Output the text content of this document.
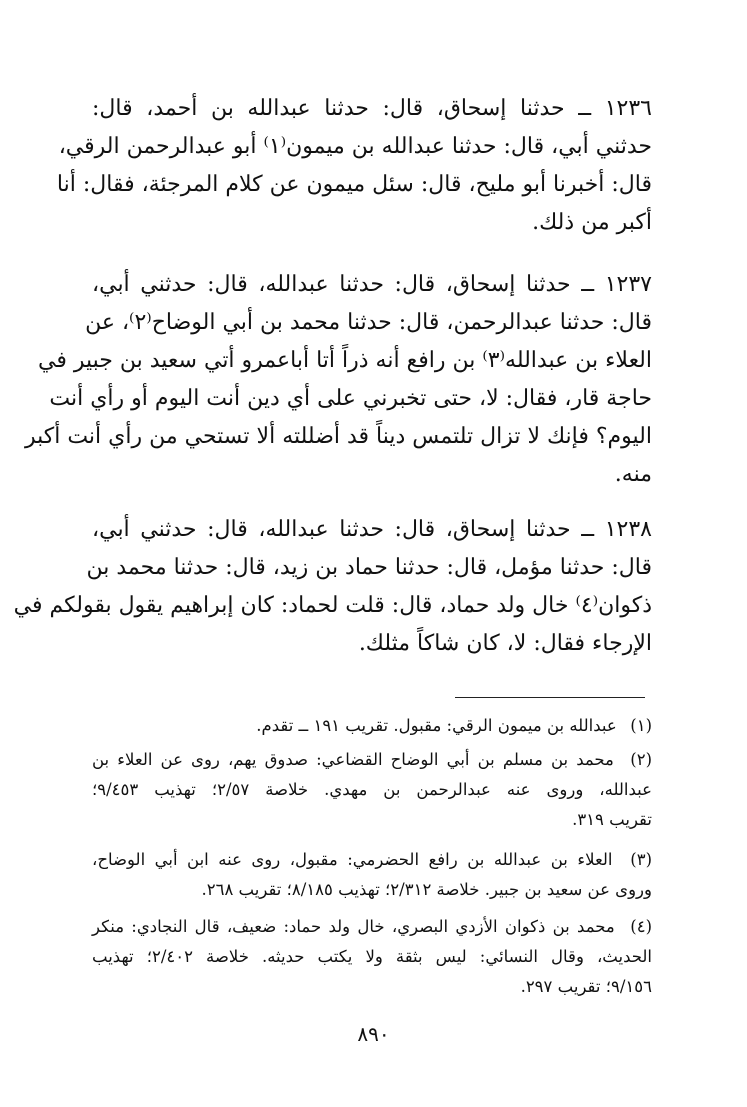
١٢٣٦ ــ حدثنا إسحاق، قال: حدثنا عبدالله بن أحمد، قال:
حدثني أبي، قال: حدثنا عبدالله بن ميمون⁽١⁾ أبو عبدالرحمن الرقي،
قال: أخبرنا أبو مليح، قال: سئل ميمون عن كلام المرجئة، فقال: أنا
أكبر من ذلك.
١٢٣٧ ــ حدثنا إسحاق، قال: حدثنا عبدالله، قال: حدثني أبي،
قال: حدثنا عبدالرحمن، قال: حدثنا محمد بن أبي الوضاح⁽٢⁾، عن
العلاء بن عبدالله⁽٣⁾ بن رافع أنه ذراً أتا أباعمرو أتي سعيد بن جبير في
حاجة قار، فقال: لا، حتى تخبرني على أي دين أنت اليوم أو رأي أنت
اليوم؟ فإنك لا تزال تلتمس ديناً قد أضللته ألا تستحي من رأي أنت أكبر
منه.
١٢٣٨ ــ حدثنا إسحاق، قال: حدثنا عبدالله، قال: حدثني أبي،
قال: حدثنا مؤمل، قال: حدثنا حماد بن زيد، قال: حدثنا محمد بن
ذكوان⁽٤⁾ خال ولد حماد، قال: قلت لحماد: كان إبراهيم يقول بقولكم في
الإرجاء فقال: لا، كان شاكاً مثلك.
(١) عبدالله بن ميمون الرقي: مقبول. تقريب ١٩١ ــ تقدم.
(٢) محمد بن مسلم بن أبي الوضاح القضاعي: صدوق يهم، روى عن العلاء بن
عبدالله، وروى عنه عبدالرحمن بن مهدي. خلاصة ٢/٥٧؛ تهذيب ٩/٤٥٣؛
تقريب ٣١٩.
(٣) العلاء بن عبدالله بن رافع الحضرمي: مقبول، روى عنه ابن أبي الوضاح،
وروى عن سعيد بن جبير. خلاصة ٢/٣١٢؛ تهذيب ٨/١٨٥؛ تقريب ٢٦٨.
(٤) محمد بن ذكوان الأزدي البصري، خال ولد حماد: ضعيف، قال النجادي: منكر
الحديث، وقال النسائي: ليس بثقة ولا يكتب حديثه. خلاصة ٢/٤٠٢؛ تهذيب
٩/١٥٦؛ تقريب ٢٩٧.
٨٩٠
